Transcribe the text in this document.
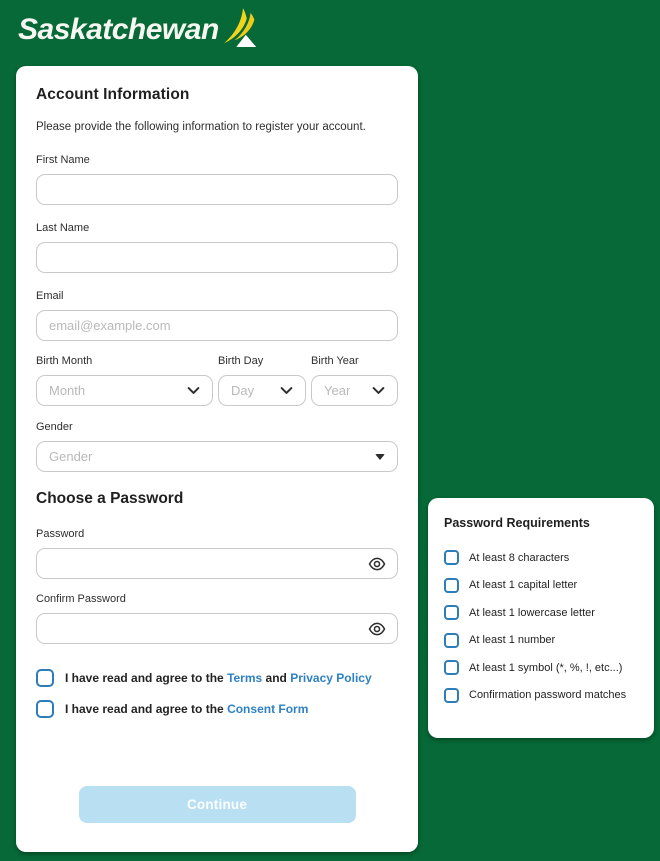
Saskatchewan
Account Information
Please provide the following information to register your account.
First Name
Last Name
Email
email@example.com
Birth Month
Month
Birth Day
Day
Birth Year
Year
Gender
Gender
Choose a Password
Password
Confirm Password
I have read and agree to the Terms and Privacy Policy
I have read and agree to the Consent Form
Continue
Password Requirements
At least 8 characters
At least 1 capital letter
At least 1 lowercase letter
At least 1 number
At least 1 symbol (*, %, !, etc...)
Confirmation password matches
